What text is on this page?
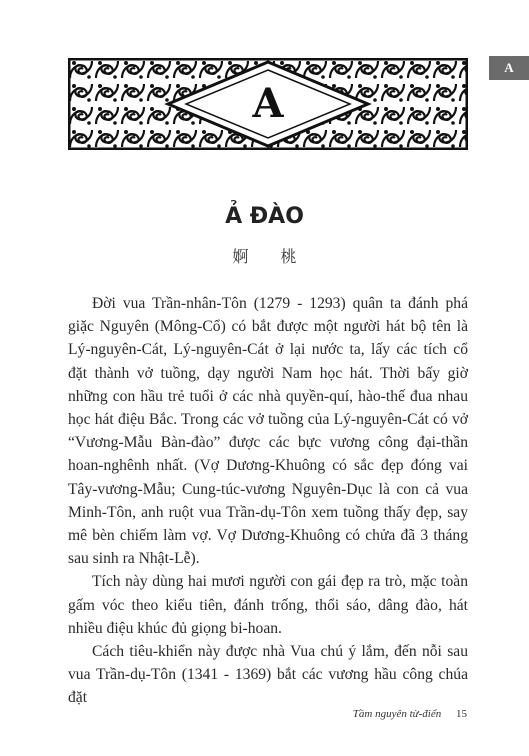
A
A
Ả ĐÀO
婀 桃

Đời vua Trần-nhân-Tôn (1279 - 1293) quân ta đánh phá giặc Nguyên (Mông-Cổ) có bắt được một người hát bộ tên là Lý-nguyên-Cát, Lý-nguyên-Cát ở lại nước ta, lấy các tích cổ đặt thành vở tuồng, dạy người Nam học hát. Thời bấy giờ những con hầu trẻ tuổi ở các nhà quyền-quí, hào-thế đua nhau học hát điệu Bắc. Trong các vở tuồng của Lý-nguyên-Cát có vở “Vương-Mẫu Bàn-đào” được các bực vương công đại-thần hoan-nghênh nhất. (Vợ Dương-Khuông có sắc đẹp đóng vai Tây-vương-Mẫu; Cung-túc-vương Nguyên-Dục là con cả vua Minh-Tôn, anh ruột vua Trần-dụ-Tôn xem tuồng thấy đẹp, say mê bèn chiếm làm vợ. Vợ Dương-Khuông có chửa đã 3 tháng sau sinh ra Nhật-Lễ).

Tích này dùng hai mươi người con gái đẹp ra trò, mặc toàn gấm vóc theo kiểu tiên, đánh trống, thổi sáo, dâng đào, hát nhiều điệu khúc đủ giọng bi-hoan.

Cách tiêu-khiển này được nhà Vua chú ý lắm, đến nỗi sau vua Trần-dụ-Tôn (1341 - 1369) bắt các vương hầu công chúa đặt

Tầm nguyên từ-điển 15
